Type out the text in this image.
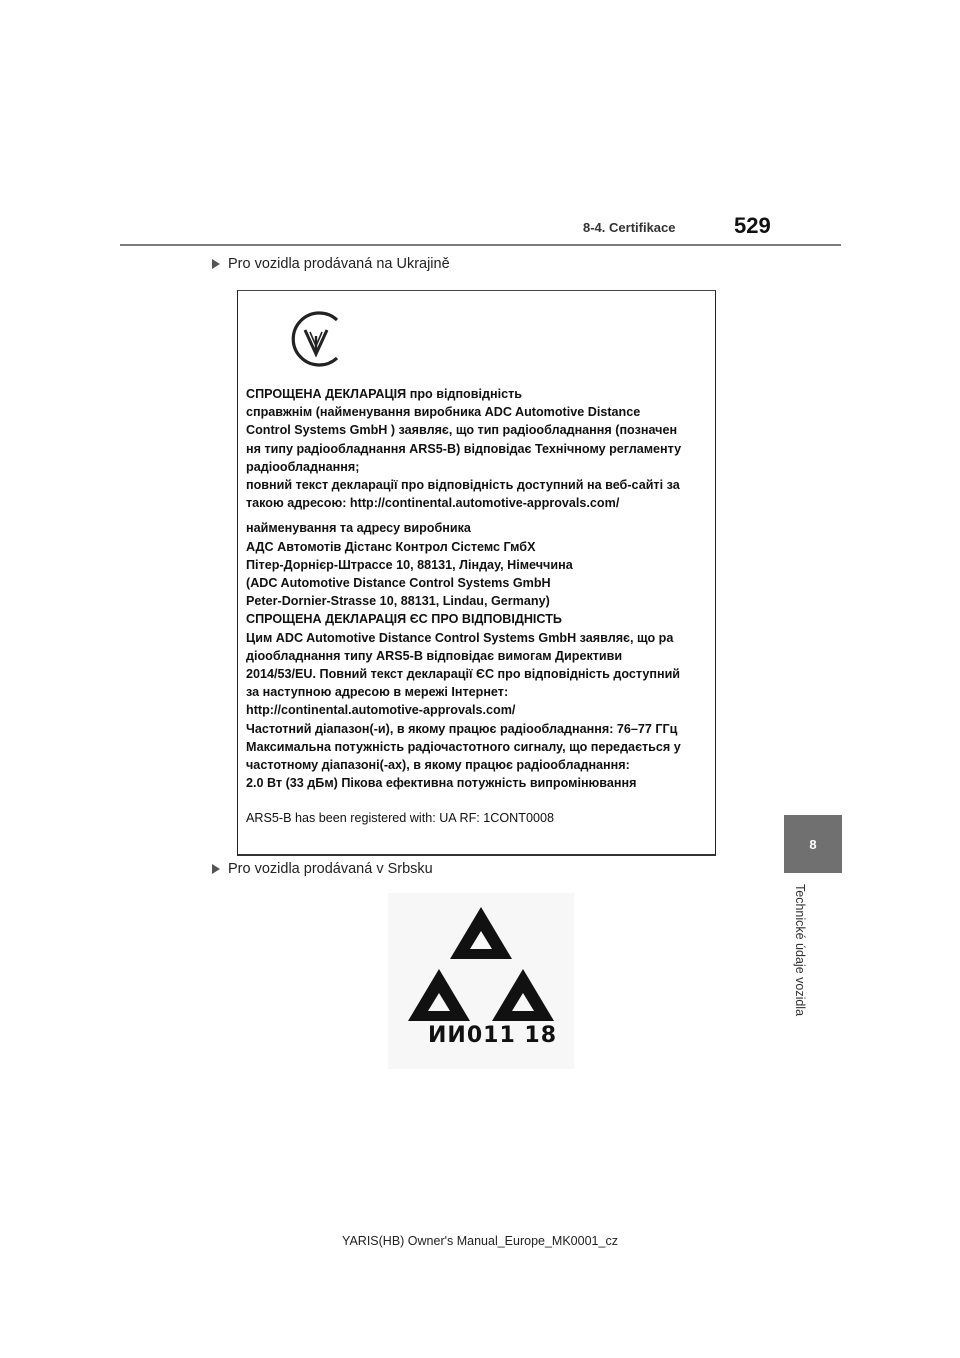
8-4. Certifikace	529
Pro vozidla prodávaná na Ukrajině

СПРОЩЕНА ДЕКЛАРАЦІЯ про відповідність

справжнім (найменування виробника ADC Automotive Distance

Control Systems GmbH ) заявляє, що тип радіообладнання (позначен

ня типу радіообладнання ARS5-B) відповідає Технічному регламенту

радіообладнання;

повний текст декларації про відповідність доступний на веб-сайті за

такою адресою: http://continental.automotive-approvals.com/

найменування та адресу виробника

АДС Автомотів Дістанс Контрол Сістемс ГмбХ

Пітер-Дорнієр-Штрассе 10, 88131, Ліндау, Німеччина

(ADC Automotive Distance Control Systems GmbH

Peter-Dornier-Strasse 10, 88131, Lindau, Germany)

СПРОЩЕНА ДЕКЛАРАЦІЯ ЄС ПРО ВІДПОВІДНІСТЬ

Цим ADC Automotive Distance Control Systems GmbH заявляє, що ра

діообладнання типу ARS5-B відповідає вимогам Директиви

2014/53/EU. Повний текст декларації ЄС про відповідність доступний

за наступною адресою в мережі Інтернет:

http://continental.automotive-approvals.com/

Частотний діапазон(-и), в якому працює радіообладнання: 76–77 ГГц

Максимальна потужність радіочастотного сигналу, що передається у

частотному діапазоні(-ах), в якому працює радіообладнання:

2.0 Вт (33 дБм) Пікова ефективна потужність випромінювання

ARS5-B has been registered with: UA RF: 1CONT0008

Pro vozidla prodávaná v Srbsku
ИИ011 18
8
Technické údaje vozidla
YARIS(HB) Owner's Manual_Europe_MK0001_cz
